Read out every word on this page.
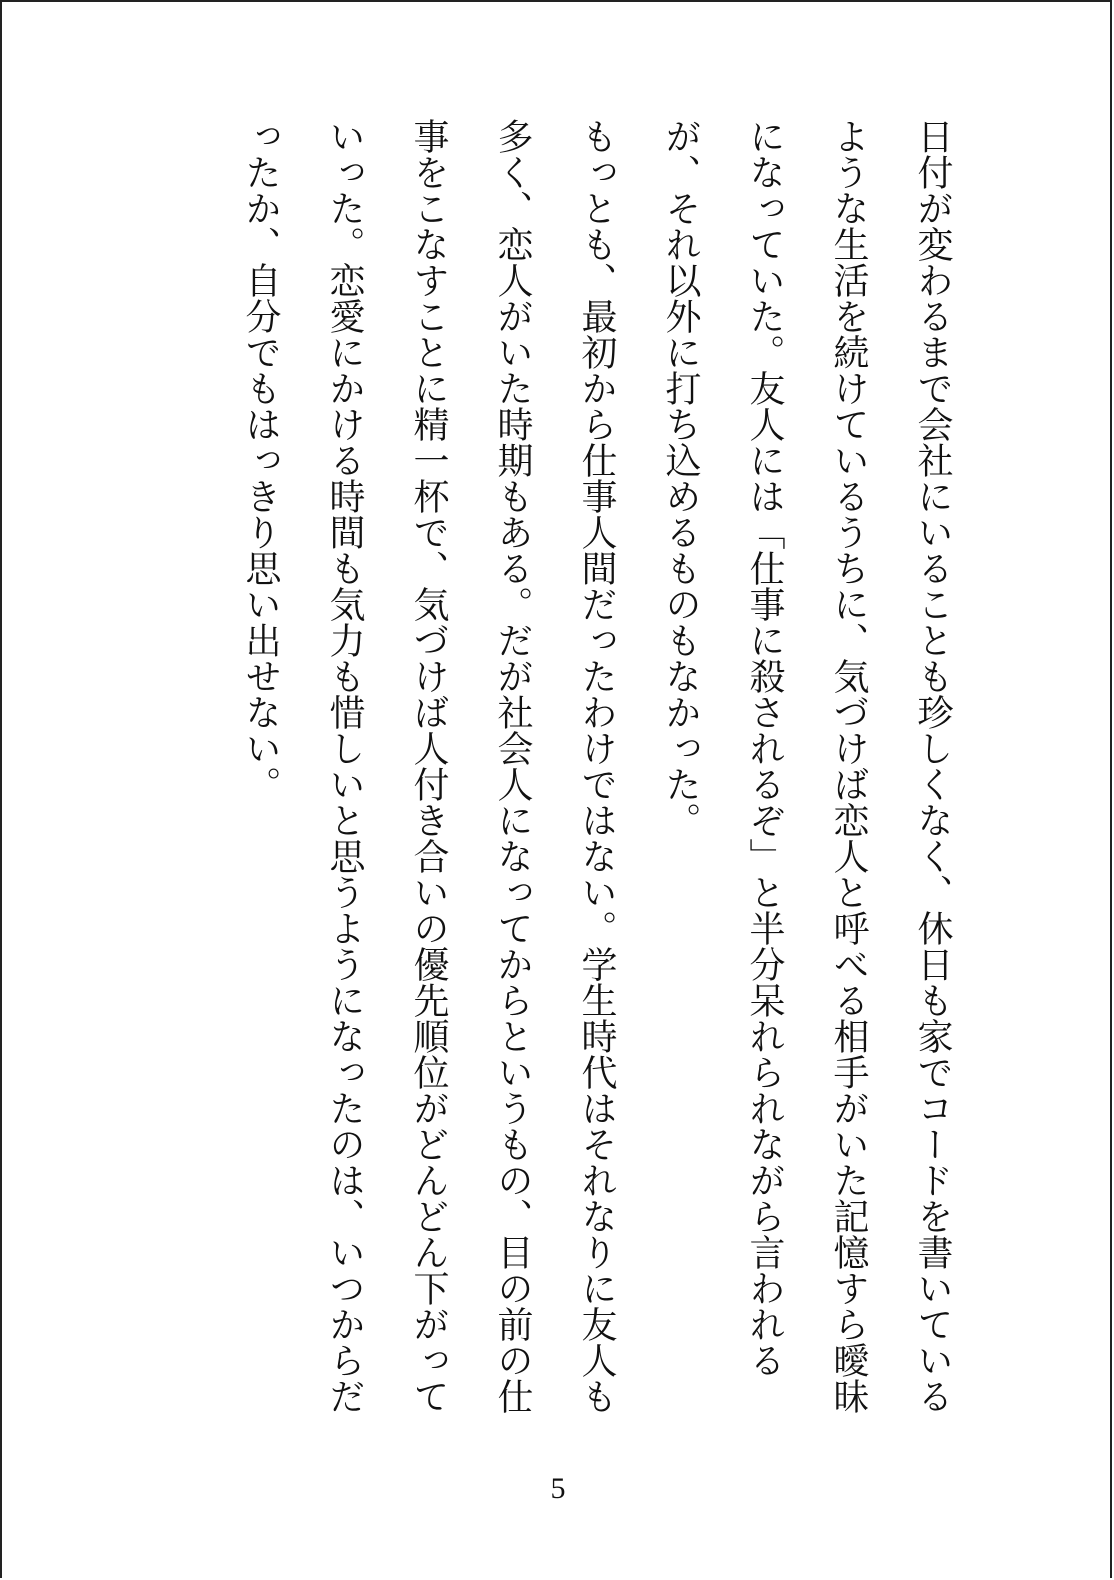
日付が変わるまで会社にいることも珍しくなく、休日も家でコードを書いている
ような生活を続けているうちに、気づけば恋人と呼べる相手がいた記憶すら曖昧
になっていた。友人には「仕事に殺されるぞ」と半分呆れられながら言われる
が、それ以外に打ち込めるものもなかった。
もっとも、最初から仕事人間だったわけではない。学生時代はそれなりに友人も
多く、恋人がいた時期もある。だが社会人になってからというもの、目の前の仕
事をこなすことに精一杯で、気づけば人付き合いの優先順位がどんどん下がって
いった。恋愛にかける時間も気力も惜しいと思うようになったのは、いつからだ
ったか、自分でもはっきり思い出せない。
5
